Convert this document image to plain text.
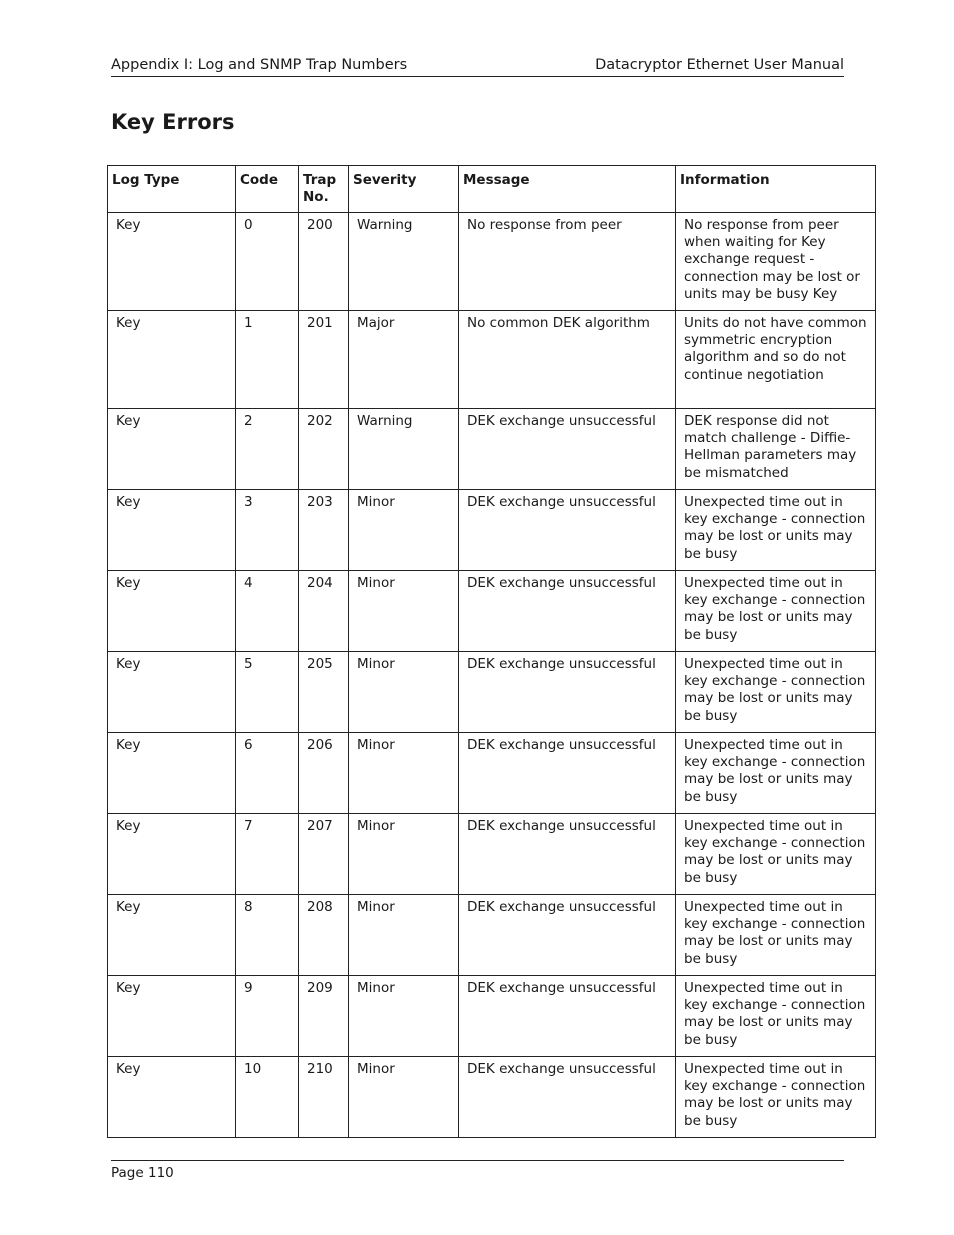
Appendix I: Log and SNMP Trap Numbers	Datacryptor Ethernet User Manual
Key Errors
Log Type	Code	Trap No.	Severity	Message	Information
Key	0	200	Warning	No response from peer	No response from peer when waiting for Key exchange request - connection may be lost or units may be busy Key
Key	1	201	Major	No common DEK algorithm	Units do not have common symmetric encryption algorithm and so do not continue negotiation
Key	2	202	Warning	DEK exchange unsuccessful	DEK response did not match challenge - Diffie-Hellman parameters may be mismatched
Key	3	203	Minor	DEK exchange unsuccessful	Unexpected time out in key exchange - connection may be lost or units may be busy
Key	4	204	Minor	DEK exchange unsuccessful	Unexpected time out in key exchange - connection may be lost or units may be busy
Key	5	205	Minor	DEK exchange unsuccessful	Unexpected time out in key exchange - connection may be lost or units may be busy
Key	6	206	Minor	DEK exchange unsuccessful	Unexpected time out in key exchange - connection may be lost or units may be busy
Key	7	207	Minor	DEK exchange unsuccessful	Unexpected time out in key exchange - connection may be lost or units may be busy
Key	8	208	Minor	DEK exchange unsuccessful	Unexpected time out in key exchange - connection may be lost or units may be busy
Key	9	209	Minor	DEK exchange unsuccessful	Unexpected time out in key exchange - connection may be lost or units may be busy
Key	10	210	Minor	DEK exchange unsuccessful	Unexpected time out in key exchange - connection may be lost or units may be busy
Page 110
